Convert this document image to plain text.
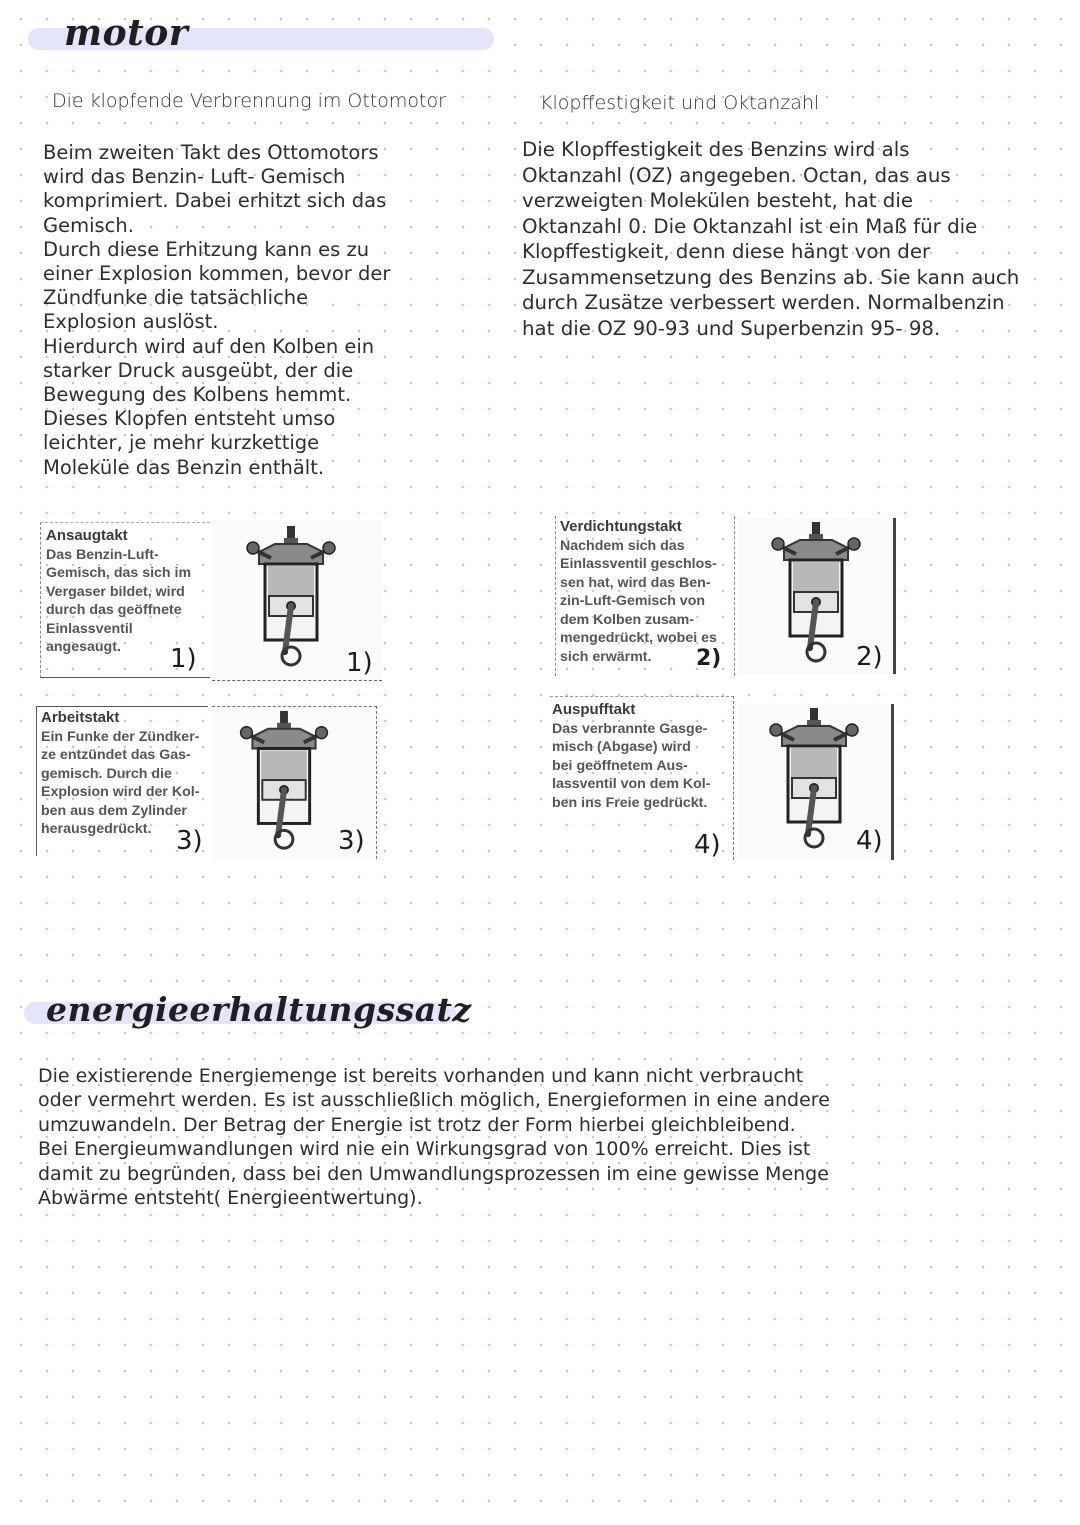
motor
Die klopfende Verbrennung im Ottomotor

Beim zweiten Takt des Ottomotors

wird das Benzin- Luft- Gemisch

komprimiert. Dabei erhitzt sich das

Gemisch.

Durch diese Erhitzung kann es zu

einer Explosion kommen, bevor der

Zündfunke die tatsächliche

Explosion auslöst.

Hierdurch wird auf den Kolben ein

starker Druck ausgeübt, der die

Bewegung des Kolbens hemmt.

Dieses Klopfen entsteht umso

leichter, je mehr kurzkettige

Moleküle das Benzin enthält.

Klopffestigkeit und Oktanzahl

Die Klopffestigkeit des Benzins wird als

Oktanzahl (OZ) angegeben. Octan, das aus

verzweigten Molekülen besteht, hat die

Oktanzahl 0. Die Oktanzahl ist ein Maß für die

Klopffestigkeit, denn diese hängt von der

Zusammensetzung des Benzins ab. Sie kann auch

durch Zusätze verbessert werden. Normalbenzin

hat die OZ 90-93 und Superbenzin 95- 98.

Ansaugtakt
Das Benzin-Luft-
Gemisch, das sich im
Vergaser bildet, wird
durch das geöffnete
Einlassventil
angesaugt.	1)	1)
Verdichtungstakt
Nachdem sich das
Einlassventil geschlos-
sen hat, wird das Ben-
zin-Luft-Gemisch von
dem Kolben zusam-
mengedrückt, wobei es
sich erwärmt.	2)	2)
Arbeitstakt
Ein Funke der Zündker-
ze entzündet das Gas-
gemisch. Durch die
Explosion wird der Kol-
ben aus dem Zylinder
herausgedrückt. 3)	3)
Auspufftakt
Das verbrannte Gasge-
misch (Abgase) wird
bei geöffnetem Aus-
lassventil von dem Kol-
ben ins Freie gedrückt.
4)	4)
energieerhaltungssatz

Die existierende Energiemenge ist bereits vorhanden und kann nicht verbraucht

oder vermehrt werden. Es ist ausschließlich möglich, Energieformen in eine andere

umzuwandeln. Der Betrag der Energie ist trotz der Form hierbei gleichbleibend.

Bei Energieumwandlungen wird nie ein Wirkungsgrad von 100% erreicht. Dies ist

damit zu begründen, dass bei den Umwandlungsprozessen im eine gewisse Menge

Abwärme entsteht( Energieentwertung).
